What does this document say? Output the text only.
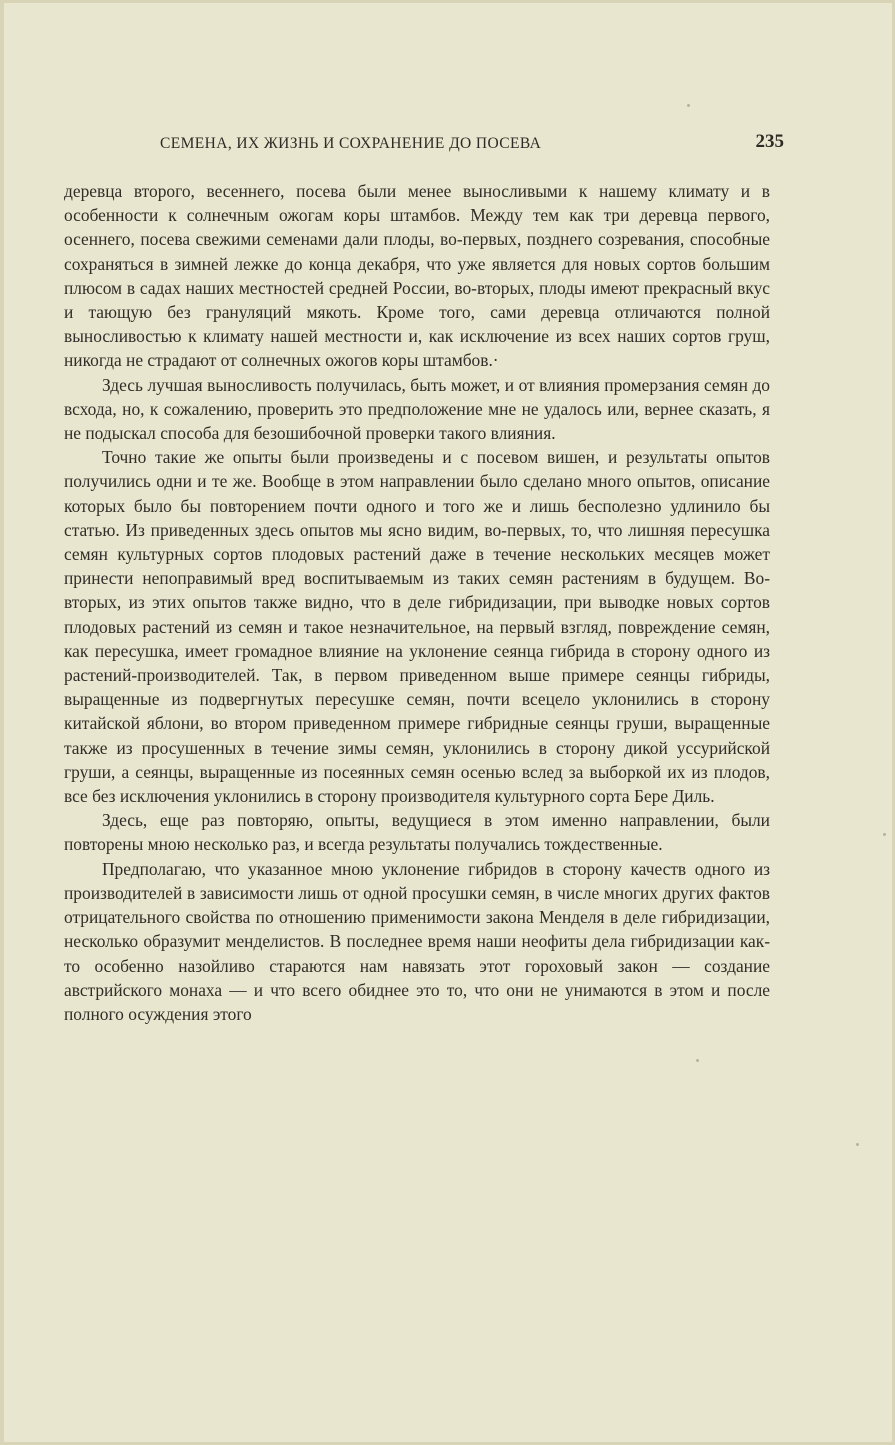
СЕМЕНА, ИХ ЖИЗНЬ И СОХРАНЕНИЕ ДО ПОСЕВА	235

деревца второго, весеннего, посева были менее выносливыми к нашему климату и в особенности к солнечным ожогам коры штамбов. Между тем как три деревца первого, осеннего, посева свежими семенами дали плоды, во-первых, позднего созревания, способные сохраняться в зимней лежке до конца декабря, что уже является для новых сортов большим плюсом в садах наших местностей средней России, во-вторых, плоды имеют прекрасный вкус и тающую без грануляций мякоть. Кроме того, сами деревца отличаются полной выносливостью к климату нашей местности и, как исключение из всех наших сортов груш, никогда не страдают от солнечных ожогов коры штамбов.·

Здесь лучшая выносливость получилась, быть может, и от влияния промерзания семян до всхода, но, к сожалению, проверить это предположение мне не удалось или, вернее сказать, я не подыскал способа для безошибочной проверки такого влияния.

Точно такие же опыты были произведены и с посевом вишен, и результаты опытов получились одни и те же. Вообще в этом направлении было сделано много опытов, описание которых было бы повторением почти одного и того же и лишь бесполезно удлинило бы статью. Из приведенных здесь опытов мы ясно видим, во-первых, то, что лишняя пересушка семян культурных сортов плодовых растений даже в течение нескольких месяцев может принести непоправимый вред воспитываемым из таких семян растениям в будущем. Во-вторых, из этих опытов также видно, что в деле гибридизации, при выводке новых сортов плодовых растений из семян и такое незначительное, на первый взгляд, повреждение семян, как пересушка, имеет громадное влияние на уклонение сеянца гибрида в сторону одного из растений-производителей. Так, в первом приведенном выше примере сеянцы гибриды, выращенные из подвергнутых пересушке семян, почти всецело уклонились в сторону китайской яблони, во втором приведенном примере гибридные сеянцы груши, выращенные также из просушенных в течение зимы семян, уклонились в сторону дикой уссурийской груши, а сеянцы, выращенные из посеянных семян осенью вслед за выборкой их из плодов, все без исключения уклонились в сторону производителя культурного сорта Бере Диль.

Здесь, еще раз повторяю, опыты, ведущиеся в этом именно направлении, были повторены мною несколько раз, и всегда результаты получались тождественные.

Предполагаю, что указанное мною уклонение гибридов в сторону качеств одного из производителей в зависимости лишь от одной просушки семян, в числе многих других фактов отрицательного свойства по отношению применимости закона Менделя в деле гибридизации, несколько образумит менделистов. В последнее время наши неофиты дела гибридизации как-то особенно назойливо стараются нам навязать этот гороховый закон — создание австрийского монаха — и что всего обиднее это то, что они не унимаются в этом и после полного осуждения этого
